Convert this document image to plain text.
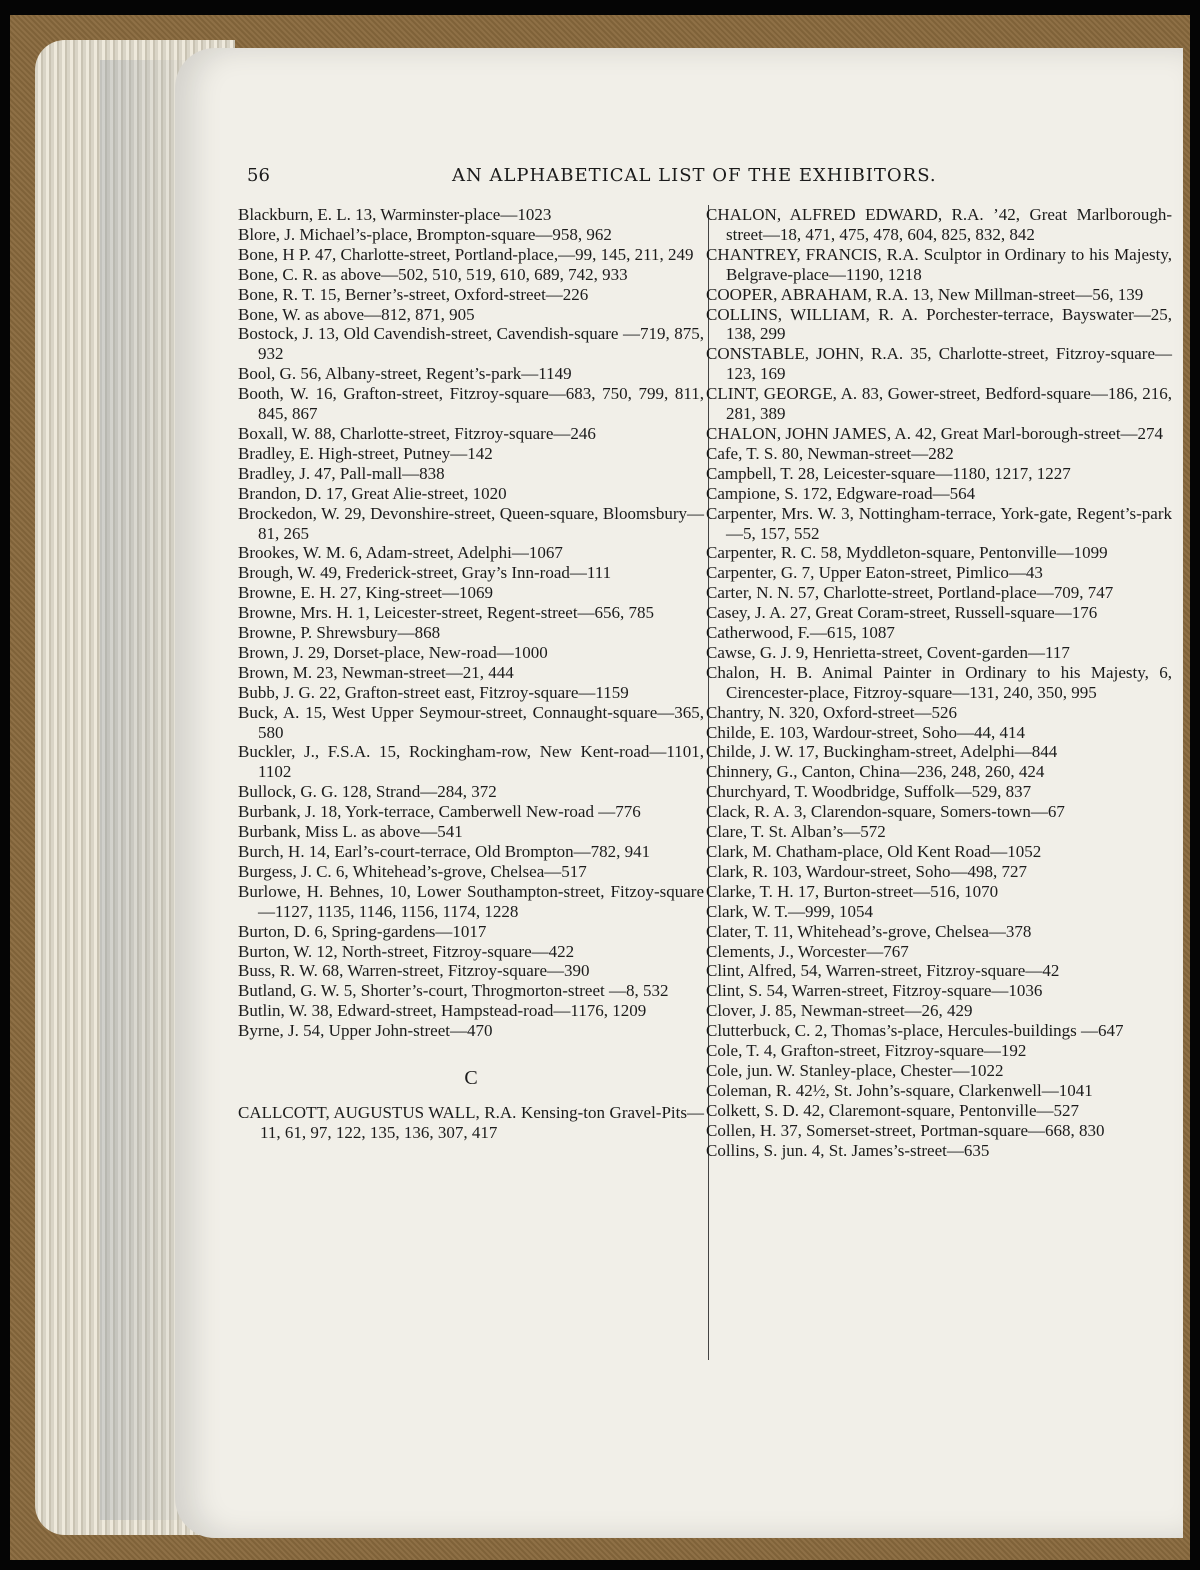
56	AN ALPHABETICAL LIST OF THE EXHIBITORS.

Blackburn, E. L. 13, Warminster-place—1023

Blore, J. Michael’s-place, Brompton-square—958, 962

Bone, H P. 47, Charlotte-street, Portland-place,—99, 145, 211, 249

Bone, C. R. as above—502, 510, 519, 610, 689, 742, 933

Bone, R. T. 15, Berner’s-street, Oxford-street—226

Bone, W. as above—812, 871, 905

Bostock, J. 13, Old Cavendish-street, Cavendish-square —719, 875, 932

Bool, G. 56, Albany-street, Regent’s-park—1149

Booth, W. 16, Grafton-street, Fitzroy-square—683, 750, 799, 811, 845, 867

Boxall, W. 88, Charlotte-street, Fitzroy-square—246

Bradley, E. High-street, Putney—142

Bradley, J. 47, Pall-mall—838

Brandon, D. 17, Great Alie-street, 1020

Brockedon, W. 29, Devonshire-street, Queen-square, Bloomsbury—81, 265

Brookes, W. M. 6, Adam-street, Adelphi—1067

Brough, W. 49, Frederick-street, Gray’s Inn-road—111

Browne, E. H. 27, King-street—1069

Browne, Mrs. H. 1, Leicester-street, Regent-street—656, 785

Browne, P. Shrewsbury—868

Brown, J. 29, Dorset-place, New-road—1000

Brown, M. 23, Newman-street—21, 444

Bubb, J. G. 22, Grafton-street east, Fitzroy-square—1159

Buck, A. 15, West Upper Seymour-street, Connaught-square—365, 580

Buckler, J., F.S.A. 15, Rockingham-row, New Kent-road—1101, 1102

Bullock, G. G. 128, Strand—284, 372

Burbank, J. 18, York-terrace, Camberwell New-road —776

Burbank, Miss L. as above—541

Burch, H. 14, Earl’s-court-terrace, Old Brompton—782, 941

Burgess, J. C. 6, Whitehead’s-grove, Chelsea—517

Burlowe, H. Behnes, 10, Lower Southampton-street, Fitzoy-square—1127, 1135, 1146, 1156, 1174, 1228

Burton, D. 6, Spring-gardens—1017

Burton, W. 12, North-street, Fitzroy-square—422

Buss, R. W. 68, Warren-street, Fitzroy-square—390

Butland, G. W. 5, Shorter’s-court, Throgmorton-street —8, 532

Butlin, W. 38, Edward-street, Hampstead-road—1176, 1209

Byrne, J. 54, Upper John-street—470

C

CALLCOTT, AUGUSTUS WALL, R.A. Kensing-ton Gravel-Pits—11, 61, 97, 122, 135, 136, 307, 417

CHALON, ALFRED EDWARD, R.A. ’42, Great Marlborough-street—18, 471, 475, 478, 604, 825, 832, 842

CHANTREY, FRANCIS, R.A. Sculptor in Ordinary to his Majesty, Belgrave-place—1190, 1218

COOPER, ABRAHAM, R.A. 13, New Millman-street—56, 139

COLLINS, WILLIAM, R. A. Porchester-terrace, Bayswater—25, 138, 299

CONSTABLE, JOHN, R.A. 35, Charlotte-street, Fitzroy-square—123, 169

CLINT, GEORGE, A. 83, Gower-street, Bedford-square—186, 216, 281, 389

CHALON, JOHN JAMES, A. 42, Great Marl-borough-street—274

Cafe, T. S. 80, Newman-street—282

Campbell, T. 28, Leicester-square—1180, 1217, 1227

Campione, S. 172, Edgware-road—564

Carpenter, Mrs. W. 3, Nottingham-terrace, York-gate, Regent’s-park—5, 157, 552

Carpenter, R. C. 58, Myddleton-square, Pentonville—1099

Carpenter, G. 7, Upper Eaton-street, Pimlico—43

Carter, N. N. 57, Charlotte-street, Portland-place—709, 747

Casey, J. A. 27, Great Coram-street, Russell-square—176

Catherwood, F.—615, 1087

Cawse, G. J. 9, Henrietta-street, Covent-garden—117

Chalon, H. B. Animal Painter in Ordinary to his Majesty, 6, Cirencester-place, Fitzroy-square—131, 240, 350, 995

Chantry, N. 320, Oxford-street—526

Childe, E. 103, Wardour-street, Soho—44, 414

Childe, J. W. 17, Buckingham-street, Adelphi—844

Chinnery, G., Canton, China—236, 248, 260, 424

Churchyard, T. Woodbridge, Suffolk—529, 837

Clack, R. A. 3, Clarendon-square, Somers-town—67

Clare, T. St. Alban’s—572

Clark, M. Chatham-place, Old Kent Road—1052

Clark, R. 103, Wardour-street, Soho—498, 727

Clarke, T. H. 17, Burton-street—516, 1070

Clark, W. T.—999, 1054

Clater, T. 11, Whitehead’s-grove, Chelsea—378

Clements, J., Worcester—767

Clint, Alfred, 54, Warren-street, Fitzroy-square—42

Clint, S. 54, Warren-street, Fitzroy-square—1036

Clover, J. 85, Newman-street—26, 429

Clutterbuck, C. 2, Thomas’s-place, Hercules-buildings —647

Cole, T. 4, Grafton-street, Fitzroy-square—192

Cole, jun. W. Stanley-place, Chester—1022

Coleman, R. 42½, St. John’s-square, Clarkenwell—1041

Colkett, S. D. 42, Claremont-square, Pentonville—527

Collen, H. 37, Somerset-street, Portman-square—668, 830

Collins, S. jun. 4, St. James’s-street—635
